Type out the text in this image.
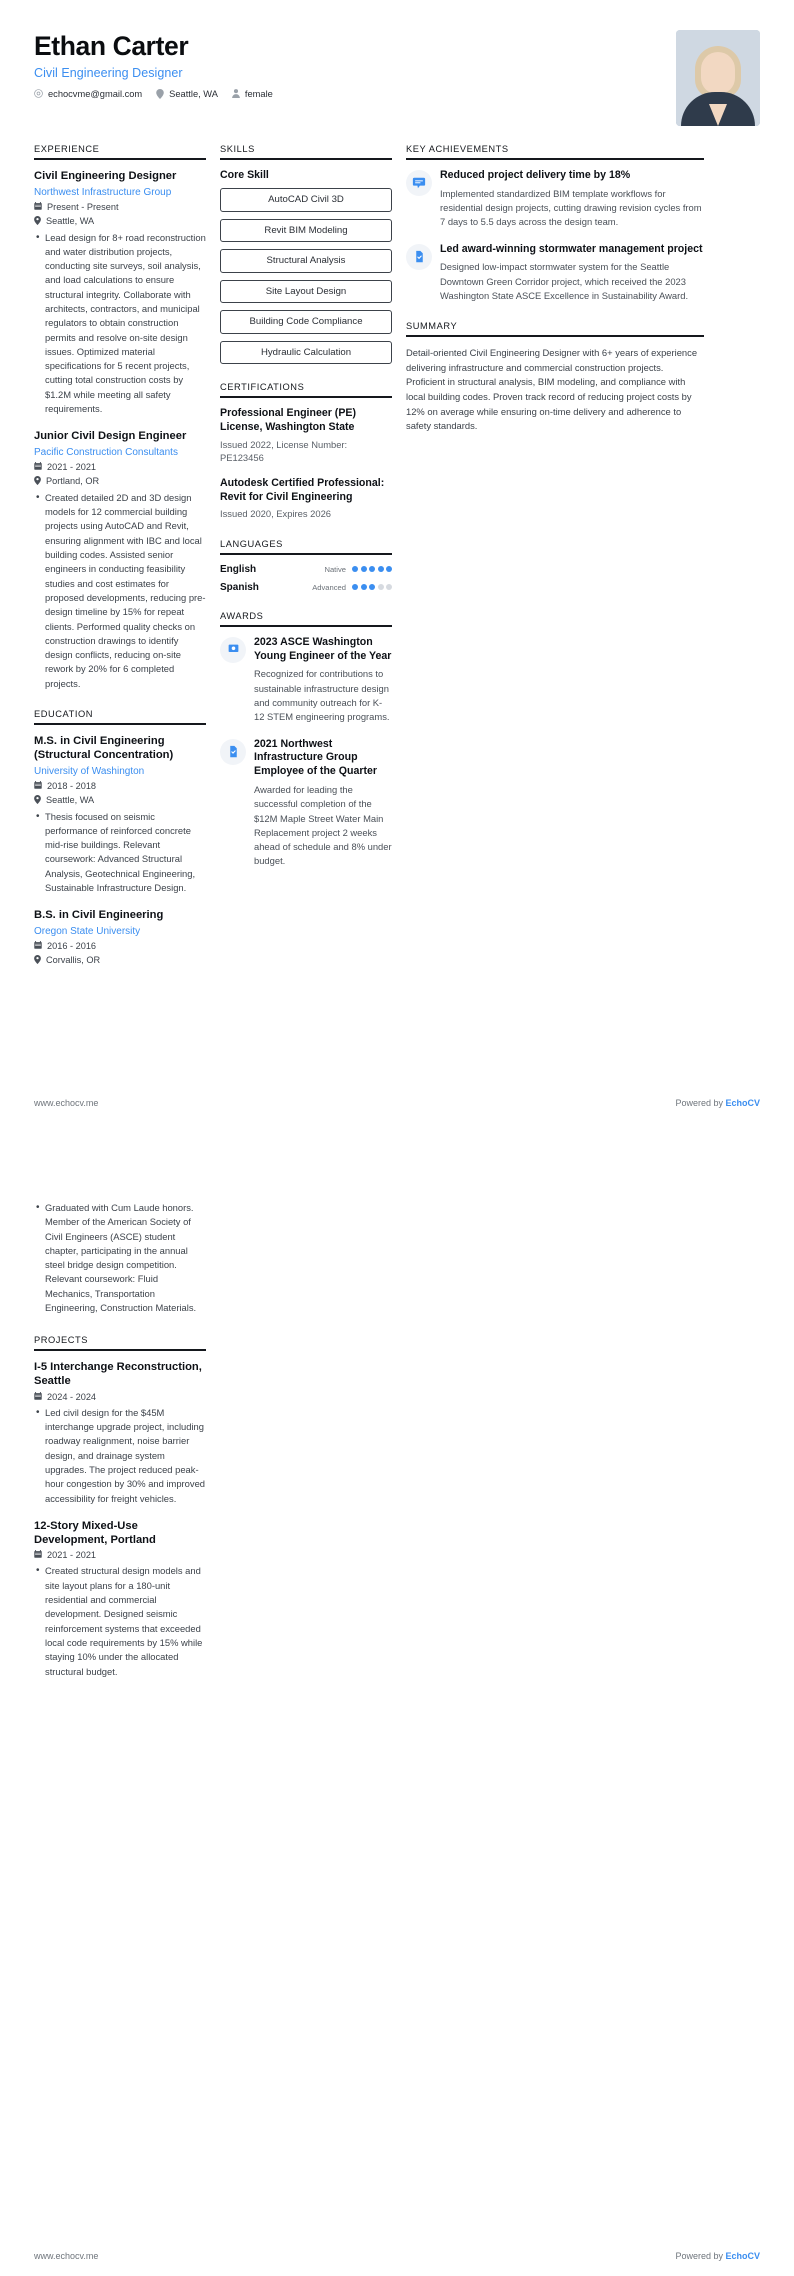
Ethan Carter
Civil Engineering Designer
echocvme@gmail.com	Seattle, WA	female
EXPERIENCE
Civil Engineering Designer
Northwest Infrastructure Group
Present - Present
Seattle, WA
• Lead design for 8+ road reconstruction and water distribution projects, conducting site surveys, soil analysis, and load calculations to ensure structural integrity. Collaborate with architects, contractors, and municipal regulators to obtain construction permits and resolve on-site design issues. Optimized material specifications for 5 recent projects, cutting total construction costs by $1.2M while meeting all safety requirements.
Junior Civil Design Engineer
Pacific Construction Consultants
2021 - 2021
Portland, OR
• Created detailed 2D and 3D design models for 12 commercial building projects using AutoCAD and Revit, ensuring alignment with IBC and local building codes. Assisted senior engineers in conducting feasibility studies and cost estimates for proposed developments, reducing pre-design timeline by 15% for repeat clients. Performed quality checks on construction drawings to identify design conflicts, reducing on-site rework by 20% for 6 completed projects.
EDUCATION
M.S. in Civil Engineering (Structural Concentration)
University of Washington
2018 - 2018
Seattle, WA
• Thesis focused on seismic performance of reinforced concrete mid-rise buildings. Relevant coursework: Advanced Structural Analysis, Geotechnical Engineering, Sustainable Infrastructure Design.
B.S. in Civil Engineering
Oregon State University
2016 - 2016
Corvallis, OR
SKILLS
Core Skill
AutoCAD Civil 3D
Revit BIM Modeling
Structural Analysis
Site Layout Design
Building Code Compliance
Hydraulic Calculation
CERTIFICATIONS
Professional Engineer (PE) License, Washington State
Issued 2022, License Number: PE123456
Autodesk Certified Professional: Revit for Civil Engineering
Issued 2020, Expires 2026
LANGUAGES
English	Native
Spanish	Advanced
AWARDS
2023 ASCE Washington Young Engineer of the Year
Recognized for contributions to sustainable infrastructure design and community outreach for K-12 STEM engineering programs.
2021 Northwest Infrastructure Group Employee of the Quarter
Awarded for leading the successful completion of the $12M Maple Street Water Main Replacement project 2 weeks ahead of schedule and 8% under budget.
KEY ACHIEVEMENTS
Reduced project delivery time by 18%
Implemented standardized BIM template workflows for residential design projects, cutting drawing revision cycles from 7 days to 5.5 days across the design team.
Led award-winning stormwater management project
Designed low-impact stormwater system for the Seattle Downtown Green Corridor project, which received the 2023 Washington State ASCE Excellence in Sustainability Award.
SUMMARY
Detail-oriented Civil Engineering Designer with 6+ years of experience delivering infrastructure and commercial construction projects. Proficient in structural analysis, BIM modeling, and compliance with local building codes. Proven track record of reducing project costs by 12% on average while ensuring on-time delivery and adherence to safety standards.
www.echocv.me	Powered by EchoCV
• Graduated with Cum Laude honors. Member of the American Society of Civil Engineers (ASCE) student chapter, participating in the annual steel bridge design competition. Relevant coursework: Fluid Mechanics, Transportation Engineering, Construction Materials.
PROJECTS
I-5 Interchange Reconstruction, Seattle
2024 - 2024
• Led civil design for the $45M interchange upgrade project, including roadway realignment, noise barrier design, and drainage system upgrades. The project reduced peak-hour congestion by 30% and improved accessibility for freight vehicles.
12-Story Mixed-Use Development, Portland
2021 - 2021
• Created structural design models and site layout plans for a 180-unit residential and commercial development. Designed seismic reinforcement systems that exceeded local code requirements by 15% while staying 10% under the allocated structural budget.
www.echocv.me	Powered by EchoCV
